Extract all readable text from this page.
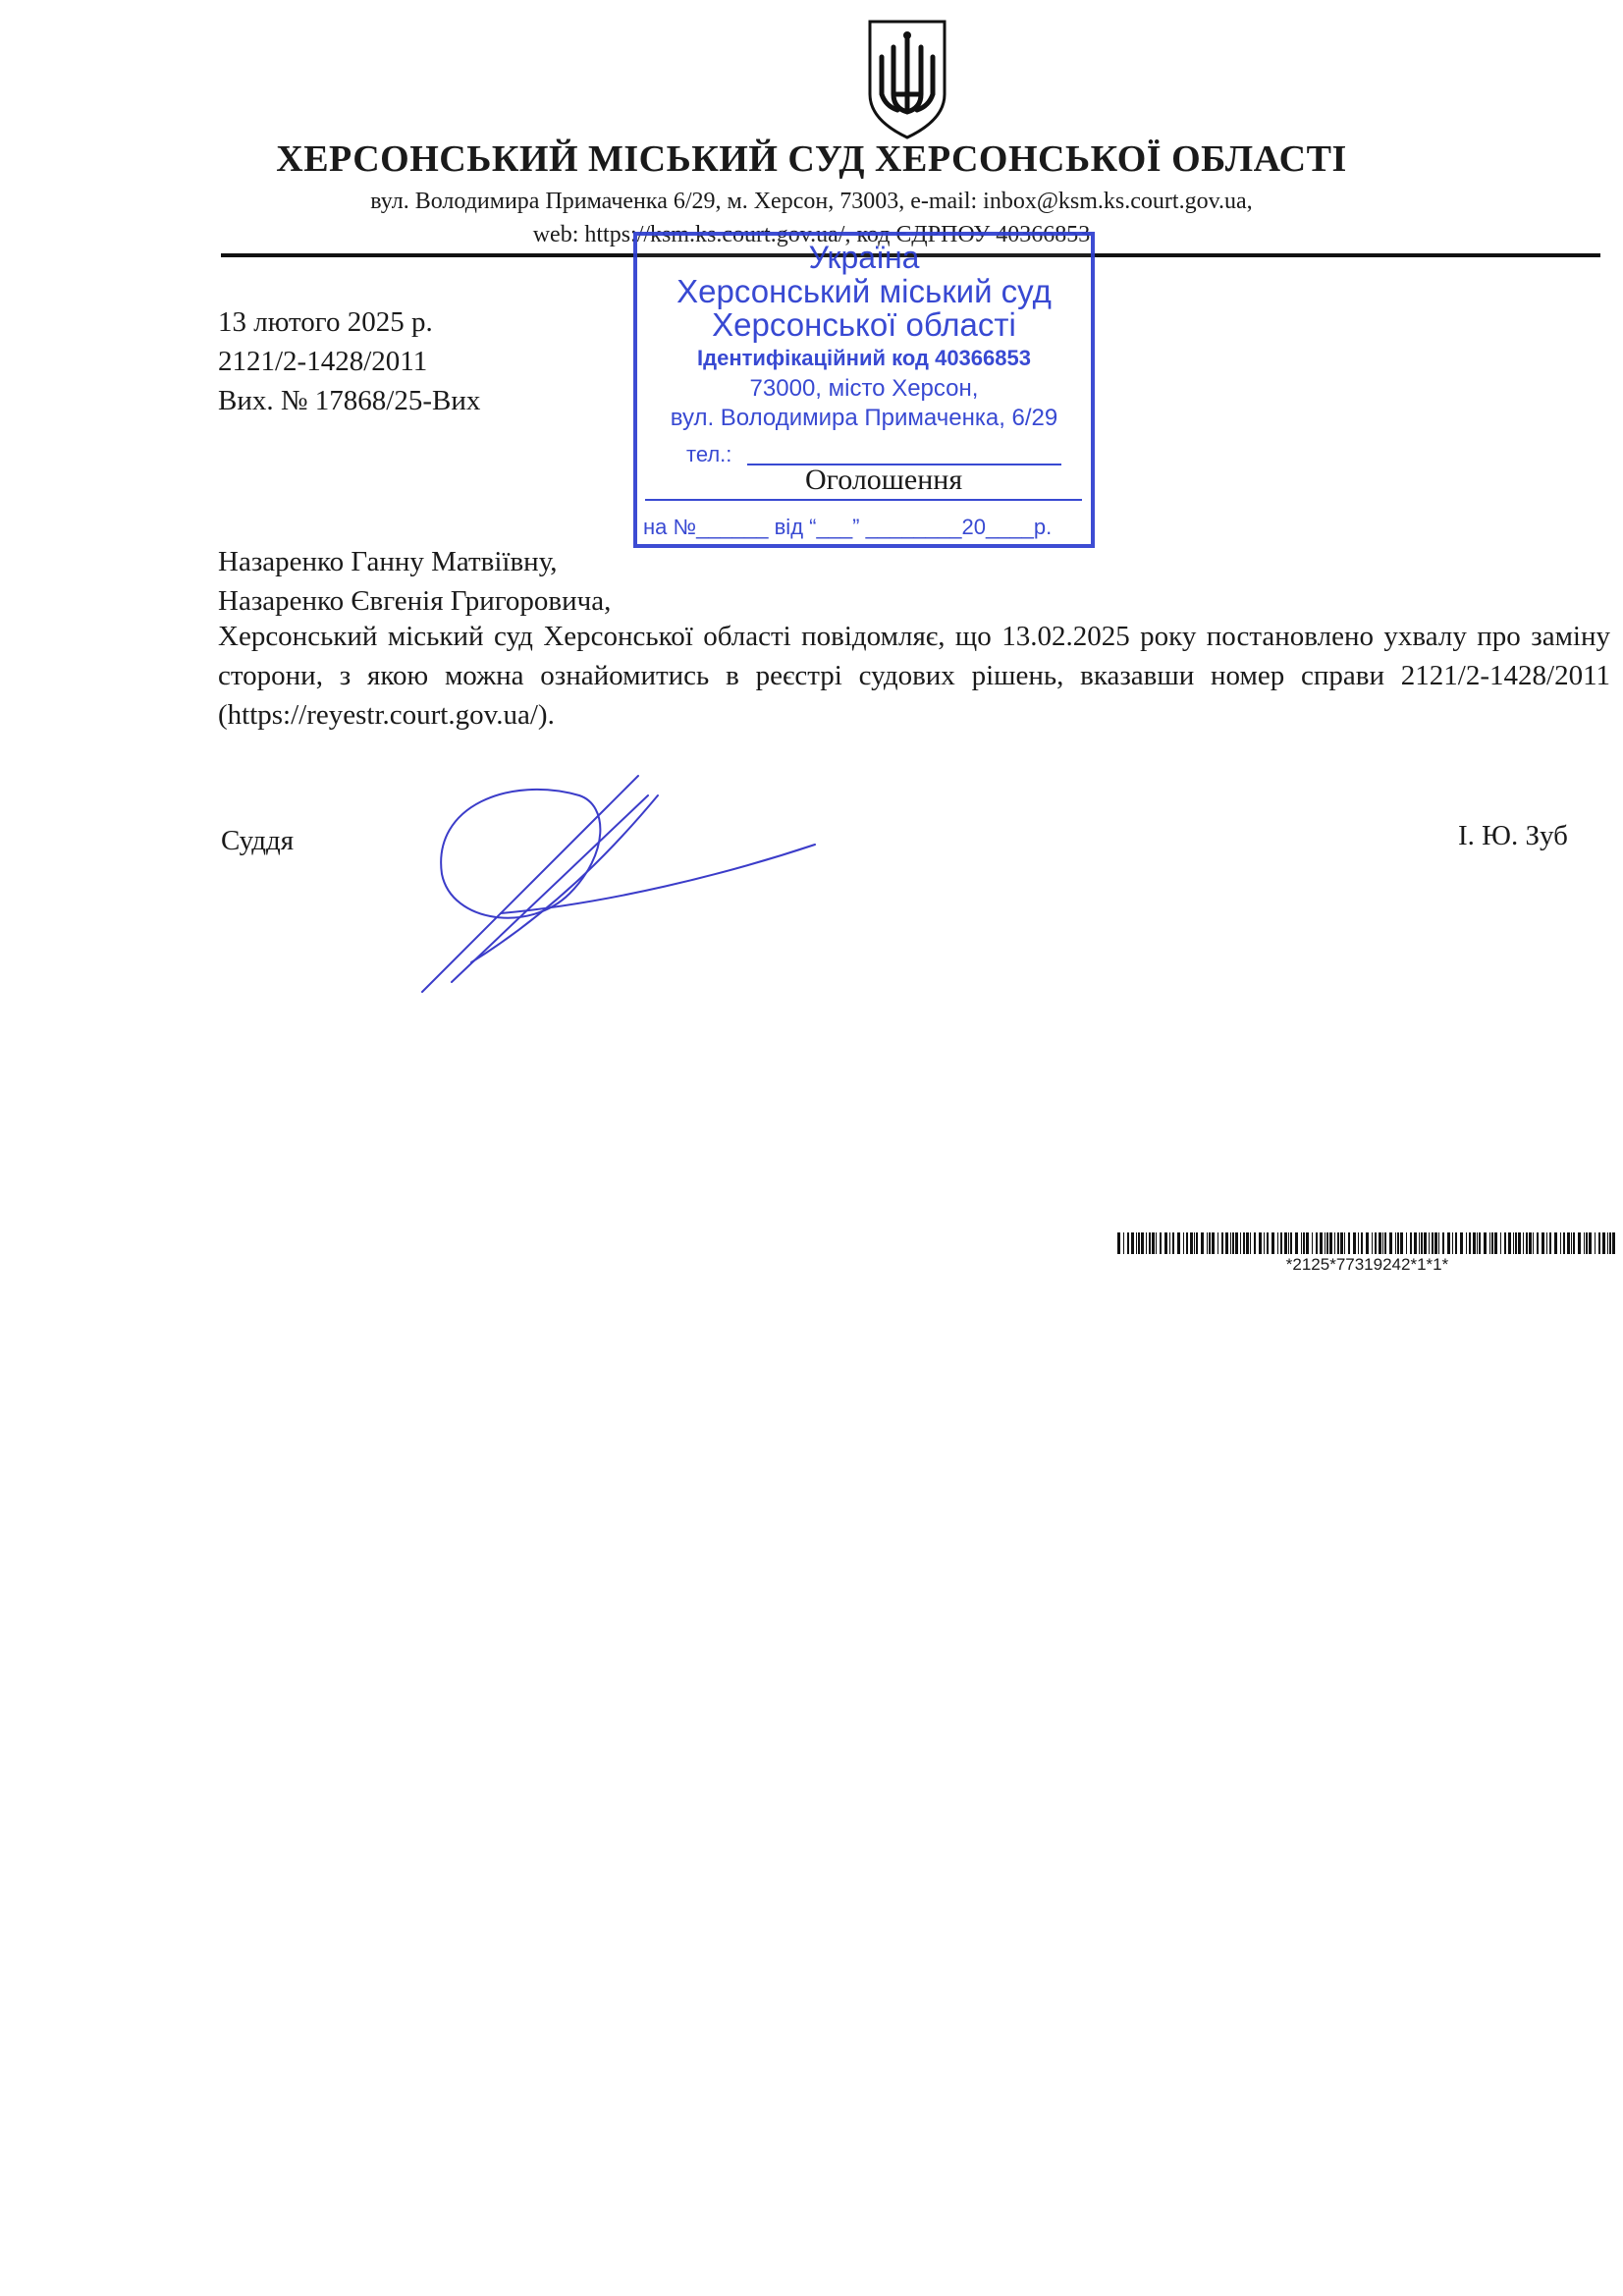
ХЕРСОНСЬКИЙ МІСЬКИЙ СУД ХЕРСОНСЬКОЇ ОБЛАСТІ
вул. Володимира Примаченка 6/29, м. Херсон, 73003, e-mail: inbox@ksm.ks.court.gov.ua,
web: https://ksm.ks.court.gov.ua/, код ЄДРПОУ 40366853
13 лютого 2025 р.
2121/2-1428/2011
Вих. № 17868/25-Вих
Україна
Херсонський міський суд
Херсонської області
Ідентифікаційний код 40366853
73000, місто Херсон,
вул. Володимира Примаченка, 6/29
тел.:
на №______ від “___” ________20____р.
Оголошення
Назаренко Ганну Матвіївну,
Назаренко Євгенія Григоровича,
Херсонський міський суд Херсонської області повідомляє, що 13.02.2025 року постановлено ухвалу про заміну сторони, з якою можна ознайомитись в реєстрі судових рішень, вказавши номер справи 2121/2-1428/2011 (https://reyestr.court.gov.ua/).
Суддя	І. Ю. Зуб
*2125*77319242*1*1*
